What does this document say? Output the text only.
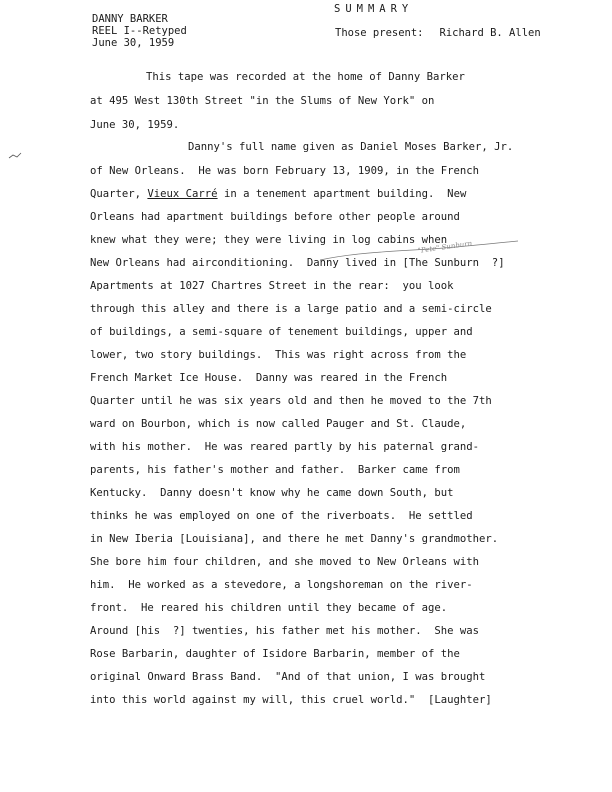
DANNY BARKER
REEL I--Retyped
June 30, 1959
SUMMARY
Those present: Richard B. Allen
"Pete" Sunburn
This tape was recorded at the home of Danny Barker
at 495 West 130th Street "in the Slums of New York" on
June 30, 1959.
Danny's full name given as Daniel Moses Barker, Jr.
of New Orleans.  He was born February 13, 1909, in the French
Quarter, Vieux Carré in a tenement apartment building.  New
Orleans had apartment buildings before other people around
knew what they were; they were living in log cabins when
New Orleans had airconditioning.  Danny lived in [The Sunburn  ?]
Apartments at 1027 Chartres Street in the rear:  you look
through this alley and there is a large patio and a semi-circle
of buildings, a semi-square of tenement buildings, upper and
lower, two story buildings.  This was right across from the
French Market Ice House.  Danny was reared in the French
Quarter until he was six years old and then he moved to the 7th
ward on Bourbon, which is now called Pauger and St. Claude,
with his mother.  He was reared partly by his paternal grand-
parents, his father's mother and father.  Barker came from
Kentucky.  Danny doesn't know why he came down South, but
thinks he was employed on one of the riverboats.  He settled
in New Iberia [Louisiana], and there he met Danny's grandmother.
She bore him four children, and she moved to New Orleans with
him.  He worked as a stevedore, a longshoreman on the river-
front.  He reared his children until they became of age.
Around [his  ?] twenties, his father met his mother.  She was
Rose Barbarin, daughter of Isidore Barbarin, member of the
original Onward Brass Band.  "And of that union, I was brought
into this world against my will, this cruel world."  [Laughter]
